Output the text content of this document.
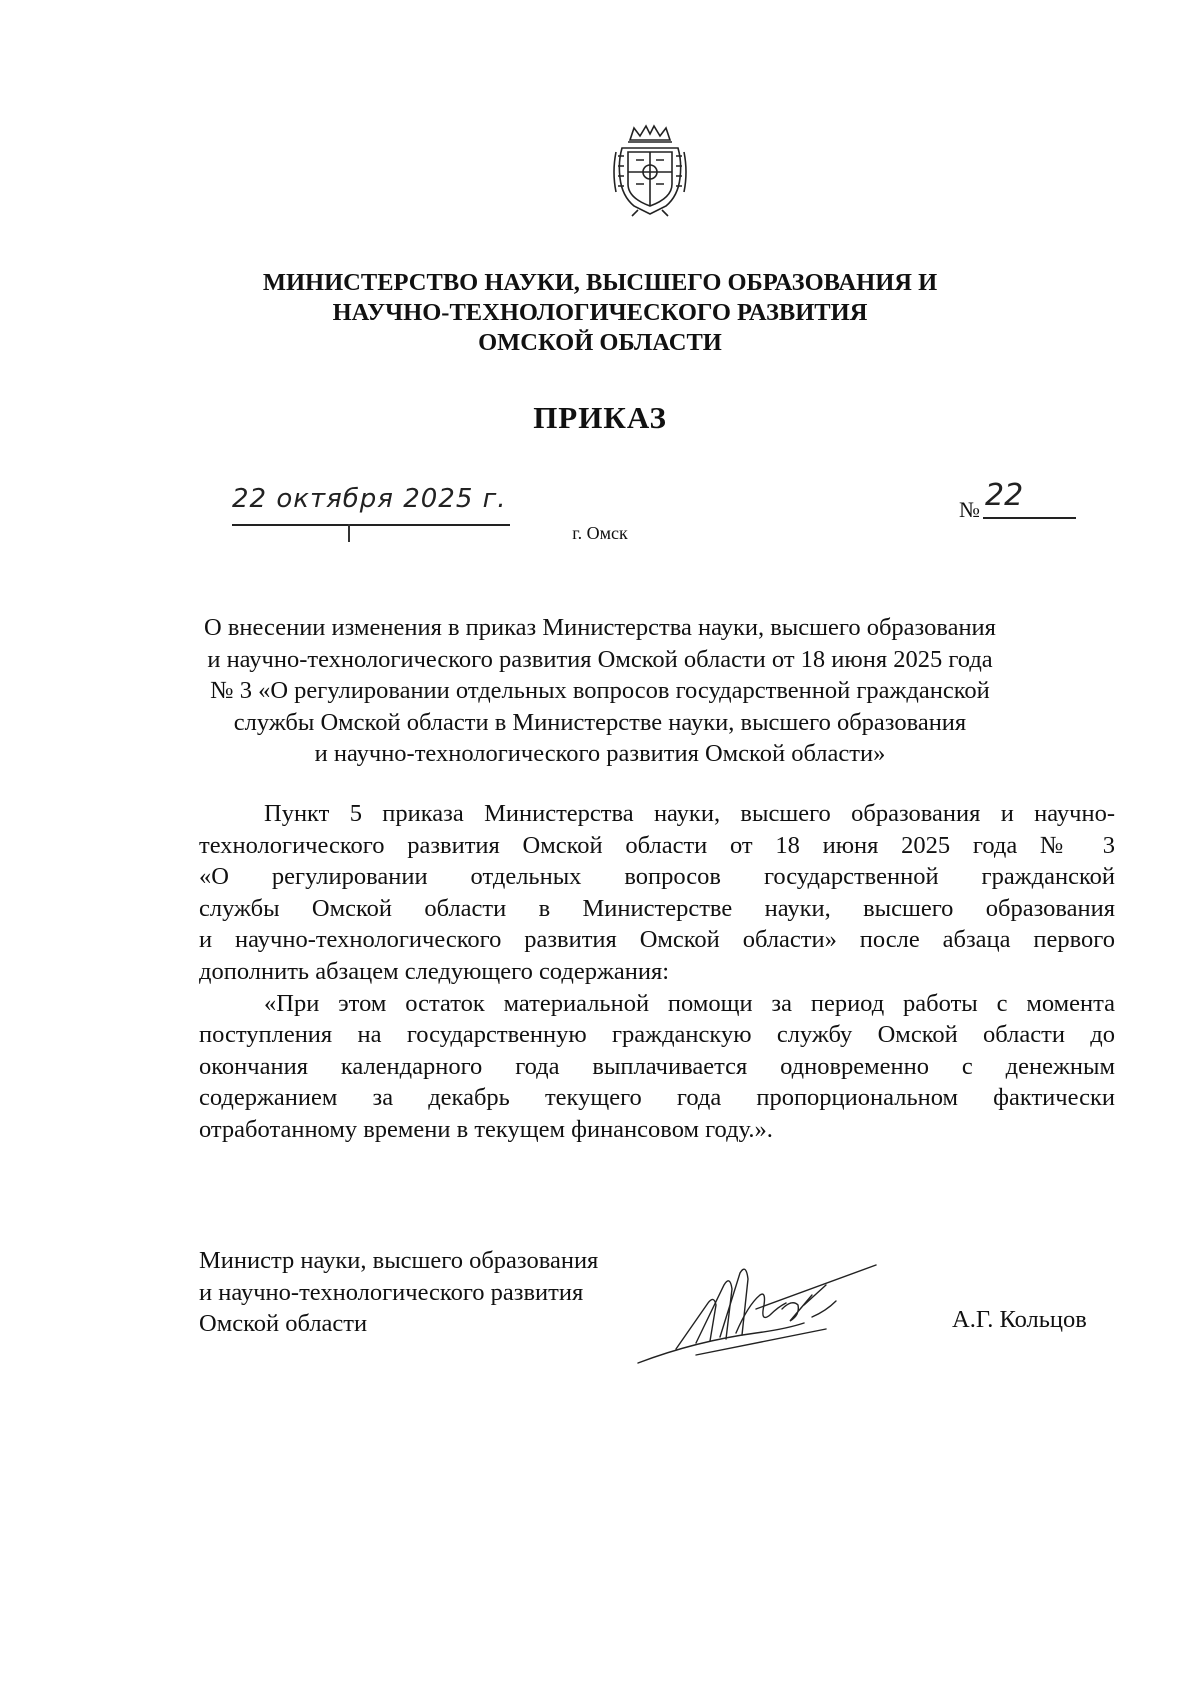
МИНИСТЕРСТВО НАУКИ, ВЫСШЕГО ОБРАЗОВАНИЯ И
НАУЧНО-ТЕХНОЛОГИЧЕСКОГО РАЗВИТИЯ
ОМСКОЙ ОБЛАСТИ
ПРИКАЗ
22 октября 2025 г.
г. Омск
№ 22
О внесении изменения в приказ Министерства науки, высшего образования
и научно-технологического развития Омской области от 18 июня 2025 года
№ 3 «О регулировании отдельных вопросов государственной гражданской
службы Омской области в Министерстве науки, высшего образования
и научно-технологического развития Омской области»
Пункт 5 приказа Министерства науки, высшего образования и научно-
технологического развития Омской области от 18 июня 2025 года № 3
«О регулировании отдельных вопросов государственной гражданской
службы Омской области в Министерстве науки, высшего образования
и научно-технологического развития Омской области» после абзаца первого
дополнить абзацем следующего содержания:
«При этом остаток материальной помощи за период работы с момента
поступления на государственную гражданскую службу Омской области до
окончания календарного года выплачивается одновременно с денежным
содержанием за декабрь текущего года пропорциональном фактически
отработанному времени в текущем финансовом году.».
Министр науки, высшего образования
и научно-технологического развития
Омской области	А.Г. Кольцов
